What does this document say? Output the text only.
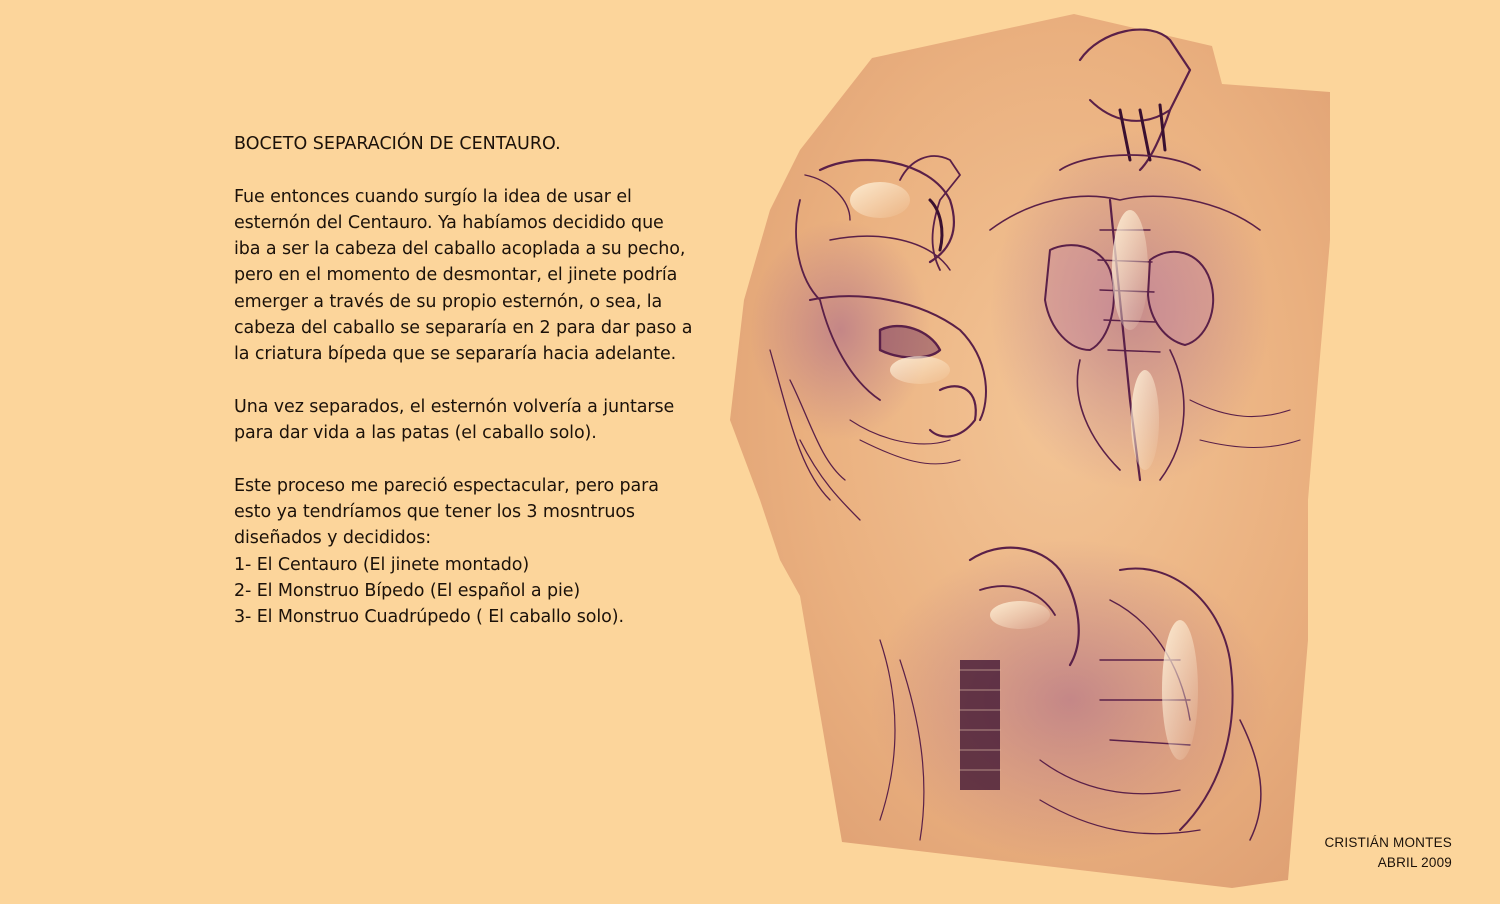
BOCETO SEPARACIÓN DE CENTAURO.

Fue entonces cuando surgío la idea de usar el

esternón del Centauro. Ya habíamos decidido que

iba a ser la cabeza del caballo acoplada a su pecho,

pero en el momento de desmontar, el jinete podría

emerger a través de su propio esternón, o sea, la

cabeza del caballo se separaría en 2 para dar paso a

la criatura bípeda que se separaría hacia adelante.

Una vez separados, el esternón volvería a juntarse

para dar vida a las patas (el caballo solo).

Este proceso me pareció espectacular, pero para

esto ya tendríamos que tener los 3 mosntruos

diseñados y decididos:

1- El Centauro (El jinete montado)

2- El Monstruo Bípedo (El español a pie)

3- El Monstruo Cuadrúpedo ( El caballo solo).

CRISTIÁN MONTES
ABRIL 2009
